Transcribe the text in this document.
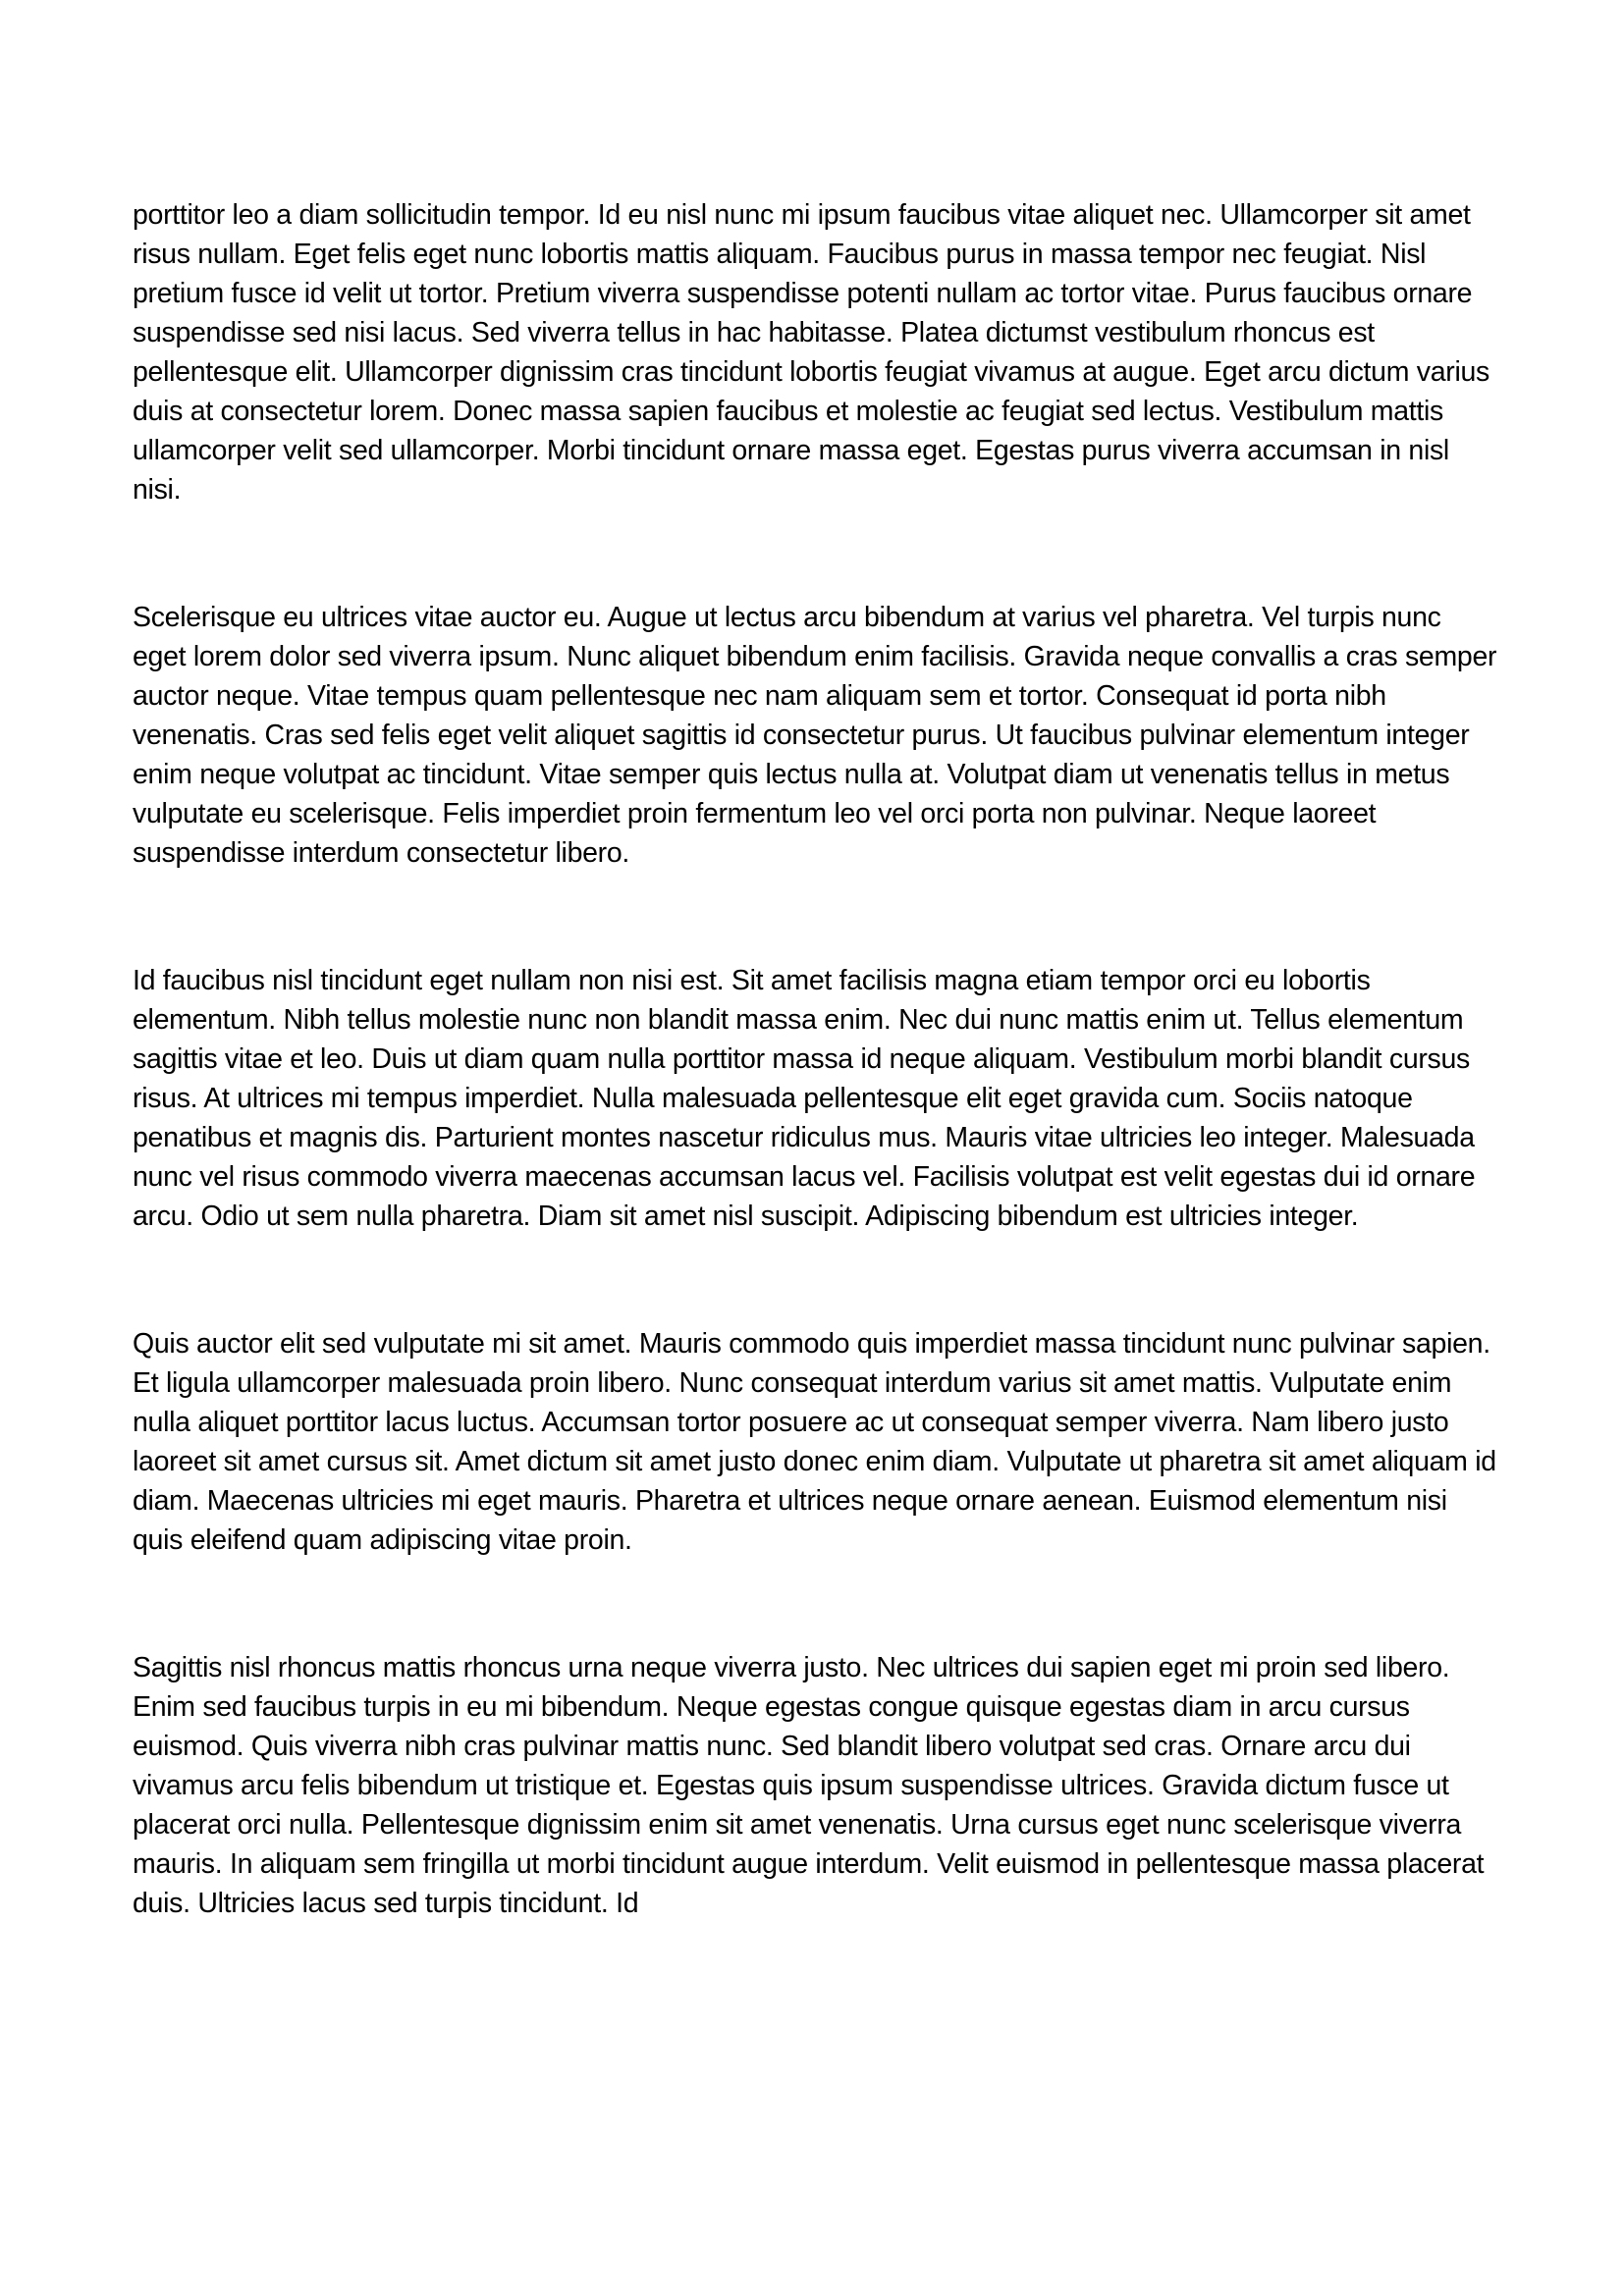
porttitor leo a diam sollicitudin tempor. Id eu nisl nunc mi ipsum faucibus vitae aliquet nec. Ullamcorper sit amet risus nullam. Eget felis eget nunc lobortis mattis aliquam. Faucibus purus in massa tempor nec feugiat. Nisl pretium fusce id velit ut tortor. Pretium viverra suspendisse potenti nullam ac tortor vitae. Purus faucibus ornare suspendisse sed nisi lacus. Sed viverra tellus in hac habitasse. Platea dictumst vestibulum rhoncus est pellentesque elit. Ullamcorper dignissim cras tincidunt lobortis feugiat vivamus at augue. Eget arcu dictum varius duis at consectetur lorem. Donec massa sapien faucibus et molestie ac feugiat sed lectus. Vestibulum mattis ullamcorper velit sed ullamcorper. Morbi tincidunt ornare massa eget. Egestas purus viverra accumsan in nisl nisi.

Scelerisque eu ultrices vitae auctor eu. Augue ut lectus arcu bibendum at varius vel pharetra. Vel turpis nunc eget lorem dolor sed viverra ipsum. Nunc aliquet bibendum enim facilisis. Gravida neque convallis a cras semper auctor neque. Vitae tempus quam pellentesque nec nam aliquam sem et tortor. Consequat id porta nibh venenatis. Cras sed felis eget velit aliquet sagittis id consectetur purus. Ut faucibus pulvinar elementum integer enim neque volutpat ac tincidunt. Vitae semper quis lectus nulla at. Volutpat diam ut venenatis tellus in metus vulputate eu scelerisque. Felis imperdiet proin fermentum leo vel orci porta non pulvinar. Neque laoreet suspendisse interdum consectetur libero.

Id faucibus nisl tincidunt eget nullam non nisi est. Sit amet facilisis magna etiam tempor orci eu lobortis elementum. Nibh tellus molestie nunc non blandit massa enim. Nec dui nunc mattis enim ut. Tellus elementum sagittis vitae et leo. Duis ut diam quam nulla porttitor massa id neque aliquam. Vestibulum morbi blandit cursus risus. At ultrices mi tempus imperdiet. Nulla malesuada pellentesque elit eget gravida cum. Sociis natoque penatibus et magnis dis. Parturient montes nascetur ridiculus mus. Mauris vitae ultricies leo integer. Malesuada nunc vel risus commodo viverra maecenas accumsan lacus vel. Facilisis volutpat est velit egestas dui id ornare arcu. Odio ut sem nulla pharetra. Diam sit amet nisl suscipit. Adipiscing bibendum est ultricies integer.

Quis auctor elit sed vulputate mi sit amet. Mauris commodo quis imperdiet massa tincidunt nunc pulvinar sapien. Et ligula ullamcorper malesuada proin libero. Nunc consequat interdum varius sit amet mattis. Vulputate enim nulla aliquet porttitor lacus luctus. Accumsan tortor posuere ac ut consequat semper viverra. Nam libero justo laoreet sit amet cursus sit. Amet dictum sit amet justo donec enim diam. Vulputate ut pharetra sit amet aliquam id diam. Maecenas ultricies mi eget mauris. Pharetra et ultrices neque ornare aenean. Euismod elementum nisi quis eleifend quam adipiscing vitae proin.

Sagittis nisl rhoncus mattis rhoncus urna neque viverra justo. Nec ultrices dui sapien eget mi proin sed libero. Enim sed faucibus turpis in eu mi bibendum. Neque egestas congue quisque egestas diam in arcu cursus euismod. Quis viverra nibh cras pulvinar mattis nunc. Sed blandit libero volutpat sed cras. Ornare arcu dui vivamus arcu felis bibendum ut tristique et. Egestas quis ipsum suspendisse ultrices. Gravida dictum fusce ut placerat orci nulla. Pellentesque dignissim enim sit amet venenatis. Urna cursus eget nunc scelerisque viverra mauris. In aliquam sem fringilla ut morbi tincidunt augue interdum. Velit euismod in pellentesque massa placerat duis. Ultricies lacus sed turpis tincidunt. Id
